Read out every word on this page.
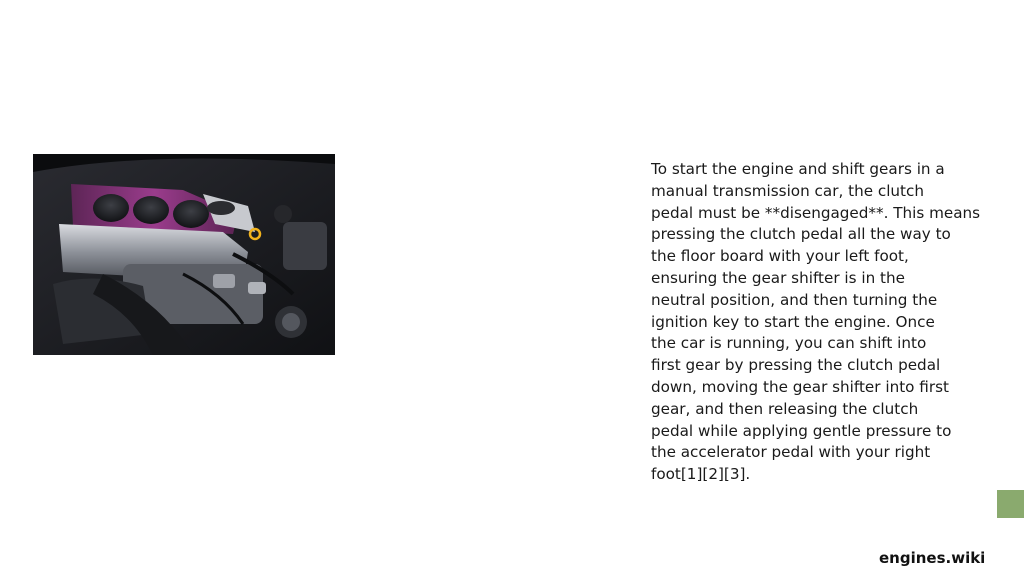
To start the engine and shift gears in a
manual transmission car, the clutch
pedal must be **disengaged**. This means
pressing the clutch pedal all the way to
the floor board with your left foot,
ensuring the gear shifter is in the
neutral position, and then turning the
ignition key to start the engine. Once
the car is running, you can shift into
first gear by pressing the clutch pedal
down, moving the gear shifter into first
gear, and then releasing the clutch
pedal while applying gentle pressure to
the accelerator pedal with your right
foot[1][2][3].

engines.wiki
